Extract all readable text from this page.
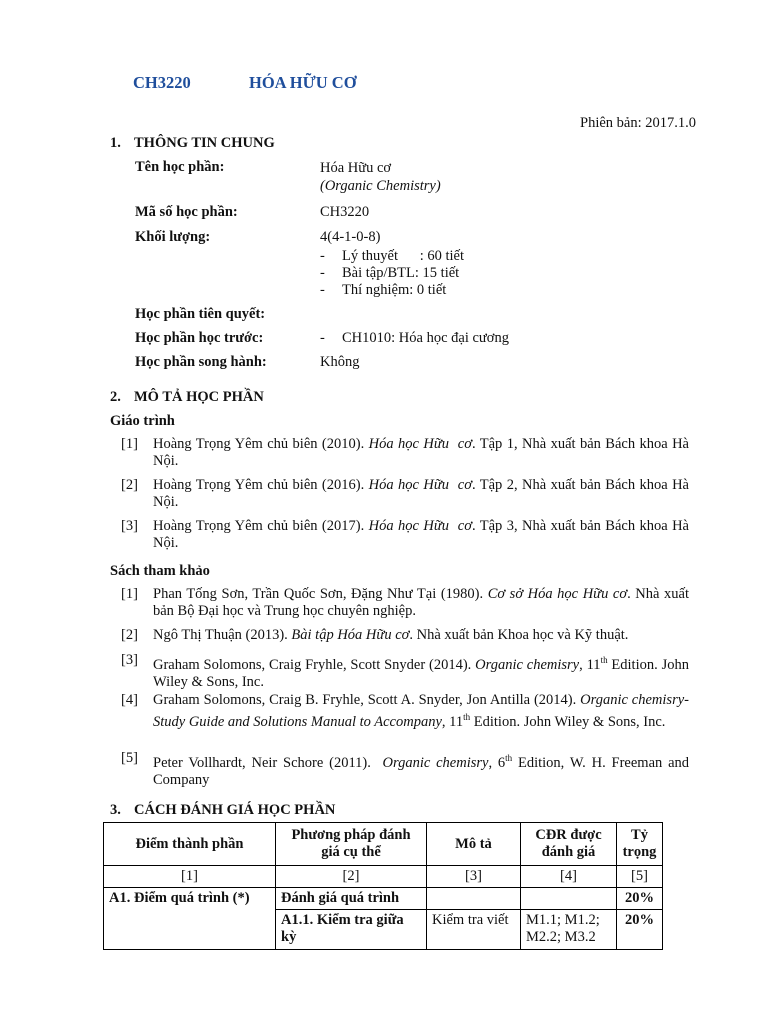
CH3220	HÓA HỮU CƠ
Phiên bản: 2017.1.0
1. THÔNG TIN CHUNG
Tên học phần:	Hóa Hữu cơ
(Organic Chemistry)
Mã số học phần:	CH3220
Khối lượng:	4(4-1-0-8)
- Lý thuyết      : 60 tiết
- Bài tập/BTL: 15 tiết
- Thí nghiệm: 0 tiết
Học phần tiên quyết:
Học phần học trước:	- CH1010: Hóa học đại cương
Học phần song hành:	Không
2. MÔ TẢ HỌC PHẦN
Giáo trình
[1] Hoàng Trọng Yêm chủ biên (2010). Hóa học Hữu  cơ. Tập 1, Nhà xuất bản Bách khoa Hà Nội.
[2] Hoàng Trọng Yêm chủ biên (2016). Hóa học Hữu  cơ. Tập 2, Nhà xuất bản Bách khoa Hà Nội.
[3] Hoàng Trọng Yêm chủ biên (2017). Hóa học Hữu  cơ. Tập 3, Nhà xuất bản Bách khoa Hà Nội.
Sách tham khảo
[1] Phan Tống Sơn, Trần Quốc Sơn, Đặng Như Tại (1980). Cơ sở Hóa học Hữu cơ. Nhà xuất bản Bộ Đại học và Trung học chuyên nghiệp.
[2] Ngô Thị Thuận (2013). Bài tập Hóa Hữu cơ. Nhà xuất bản Khoa học và Kỹ thuật.
[3] Graham Solomons, Craig Fryhle, Scott Snyder (2014). Organic chemisry, 11th Edition. John Wiley & Sons, Inc.
[4] Graham Solomons, Craig B. Fryhle, Scott A. Snyder, Jon Antilla (2014). Organic chemisry-Study Guide and Solutions Manual to Accompany, 11th Edition. John Wiley & Sons, Inc.
[5] Peter Vollhardt, Neir Schore (2011).  Organic chemisry, 6th Edition, W. H. Freeman and Company
3. CÁCH ĐÁNH GIÁ HỌC PHẦN
Điểm thành phần	Phương pháp đánh giá cụ thể	Mô tả	CĐR được đánh giá	Tỷ trọng
[1]	[2]	[3]	[4]	[5]
A1. Điểm quá trình (*)	Đánh giá quá trình			20%
	A1.1. Kiểm tra giữa kỳ	Kiểm tra viết	M1.1; M1.2; M2.2; M3.2	20%
